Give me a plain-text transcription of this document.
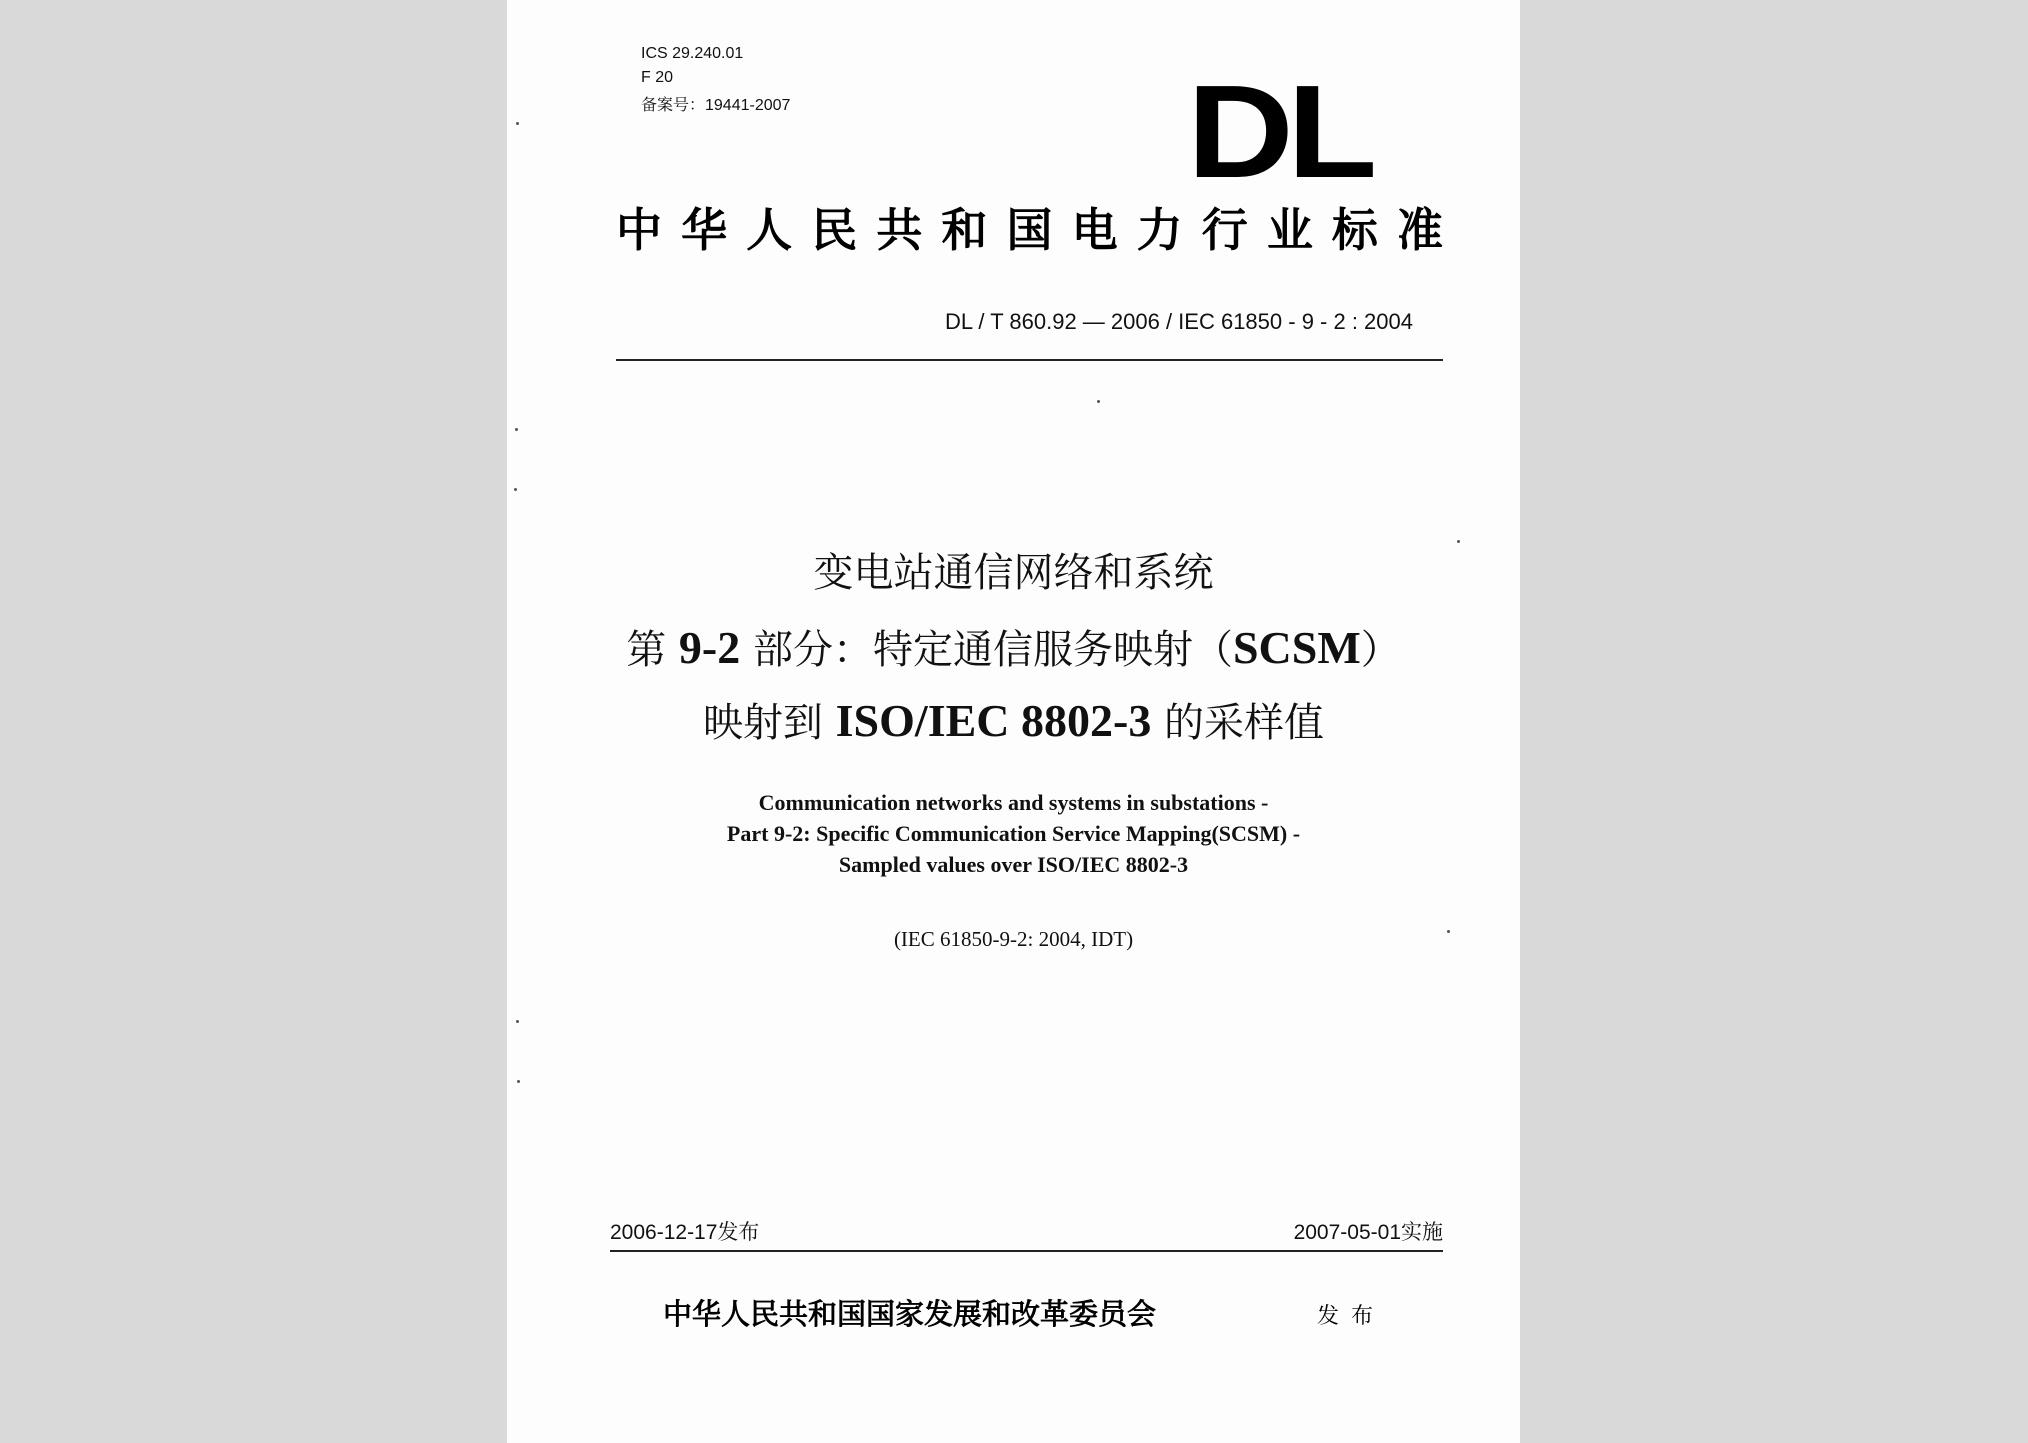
ICS 29.240.01
F 20
备案号：19441-2007	DL
中华人民共和国电力行业标准
DL / T 860.92 — 2006 / IEC 61850 - 9 - 2 : 2004
变电站通信网络和系统
第 9-2 部分：特定通信服务映射（SCSM）
映射到 ISO/IEC 8802-3 的采样值
Communication networks and systems in substations -
Part 9-2: Specific Communication Service Mapping(SCSM) -
Sampled values over ISO/IEC 8802-3
(IEC 61850-9-2: 2004, IDT)
2006-12-17发布	2007-05-01实施
中华人民共和国国家发展和改革委员会	发布
